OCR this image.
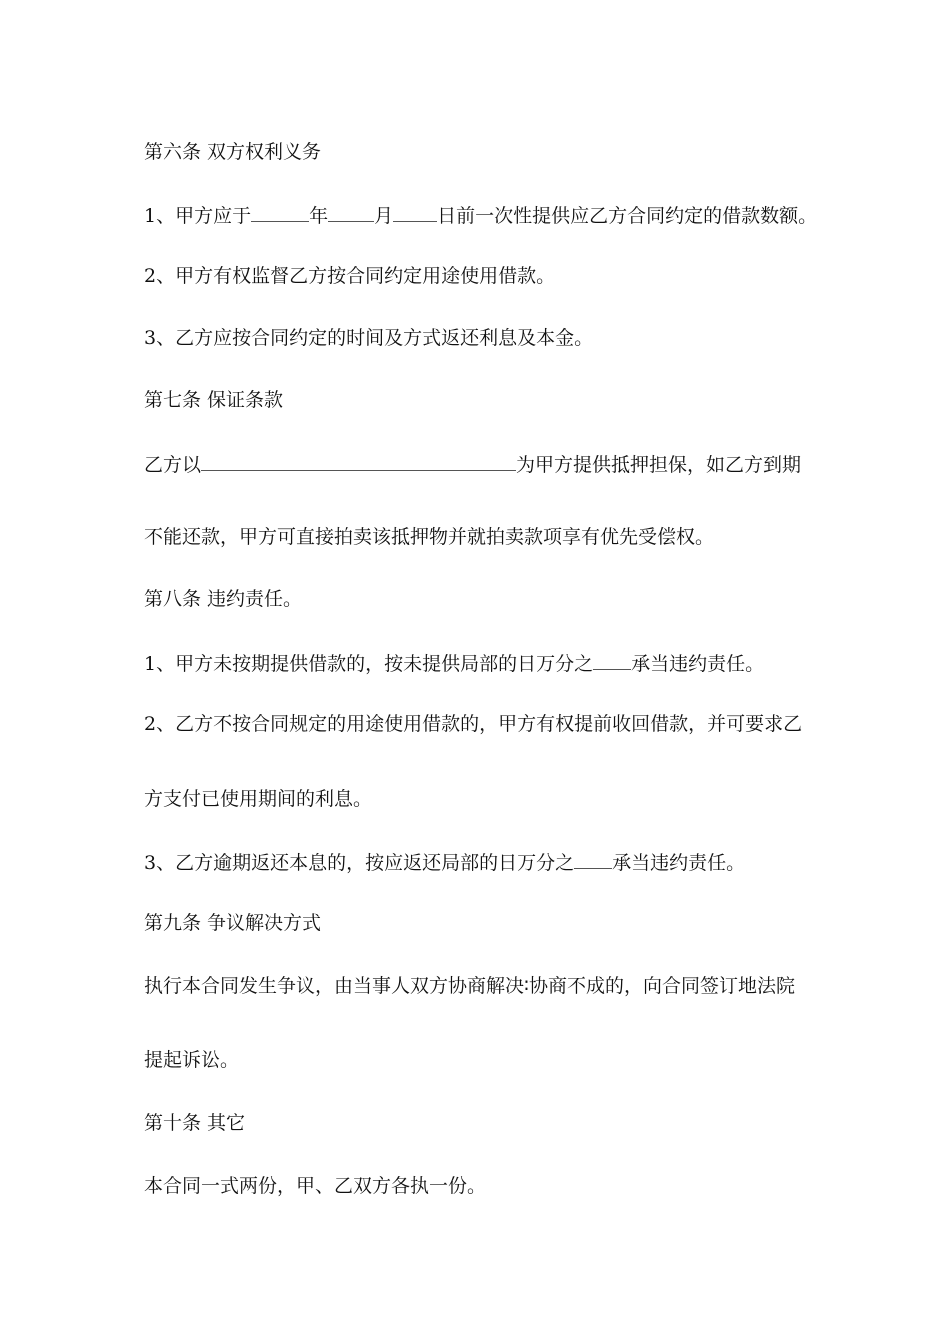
第六条 双方权利义务
1、甲方应于	年 月 日前一次性提供应乙方合同约定的借款数额。
2、甲方有权监督乙方按合同约定用途使用借款。
3、乙方应按合同约定的时间及方式返还利息及本金。
第七条 保证条款
乙方以	为甲方提供抵押担保，如乙方到期
不能还款，甲方可直接拍卖该抵押物并就拍卖款项享有优先受偿权。
第八条 违约责任。
1、甲方未按期提供借款的，按未提供局部的日万分之 承当违约责任。
2、乙方不按合同规定的用途使用借款的，甲方有权提前收回借款，并可要求乙
方支付已使用期间的利息。
3、乙方逾期返还本息的，按应返还局部的日万分之 承当违约责任。
第九条 争议解决方式
执行本合同发生争议，由当事人双方协商解决∶协商不成的，向合同签订地法院
提起诉讼。
第十条 其它
本合同一式两份，甲、乙双方各执一份。
